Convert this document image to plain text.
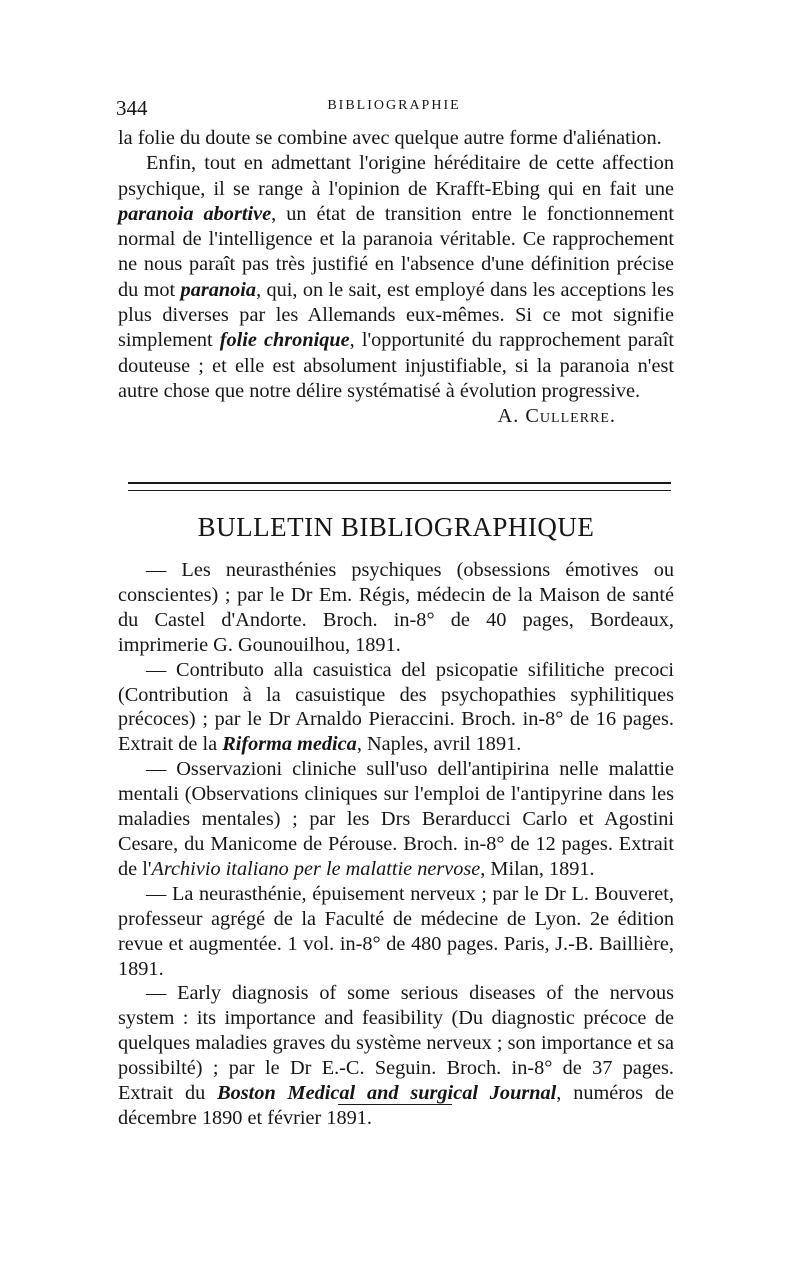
344	BIBLIOGRAPHIE

la folie du doute se combine avec quelque autre forme d'aliénation.

Enfin, tout en admettant l'origine héréditaire de cette affection psychique, il se range à l'opinion de Krafft-Ebing qui en fait une paranoia abortive, un état de transition entre le fonctionnement normal de l'intelligence et la paranoia véritable. Ce rapprochement ne nous paraît pas très justifié en l'absence d'une définition précise du mot paranoia, qui, on le sait, est employé dans les acceptions les plus diverses par les Allemands eux-mêmes. Si ce mot signifie simplement folie chronique, l'opportunité du rapprochement paraît douteuse ; et elle est absolument injustifiable, si la paranoia n'est autre chose que notre délire systématisé à évolution progressive.

A. Cullerre.

BULLETIN BIBLIOGRAPHIQUE

— Les neurasthénies psychiques (obsessions émotives ou conscientes) ; par le Dr Em. Régis, médecin de la Maison de santé du Castel d'Andorte. Broch. in-8° de 40 pages, Bordeaux, imprimerie G. Gounouilhou, 1891.

— Contributo alla casuistica del psicopatie sifilitiche precoci (Contribution à la casuistique des psychopathies syphilitiques précoces) ; par le Dr Arnaldo Pieraccini. Broch. in-8° de 16 pages. Extrait de la Riforma medica, Naples, avril 1891.

— Osservazioni cliniche sull'uso dell'antipirina nelle malattie mentali (Observations cliniques sur l'emploi de l'antipyrine dans les maladies mentales) ; par les Drs Berarducci Carlo et Agostini Cesare, du Manicome de Pérouse. Broch. in-8° de 12 pages. Extrait de l'Archivio italiano per le malattie nervose, Milan, 1891.

— La neurasthénie, épuisement nerveux ; par le Dr L. Bouveret, professeur agrégé de la Faculté de médecine de Lyon. 2e édition revue et augmentée. 1 vol. in-8° de 480 pages. Paris, J.-B. Baillière, 1891.

— Early diagnosis of some serious diseases of the nervous system : its importance and feasibility (Du diagnostic précoce de quelques maladies graves du système nerveux ; son importance et sa possibilté) ; par le Dr E.-C. Seguin. Broch. in-8° de 37 pages. Extrait du Boston Medical and surgical Journal, numéros de décembre 1890 et février 1891.
